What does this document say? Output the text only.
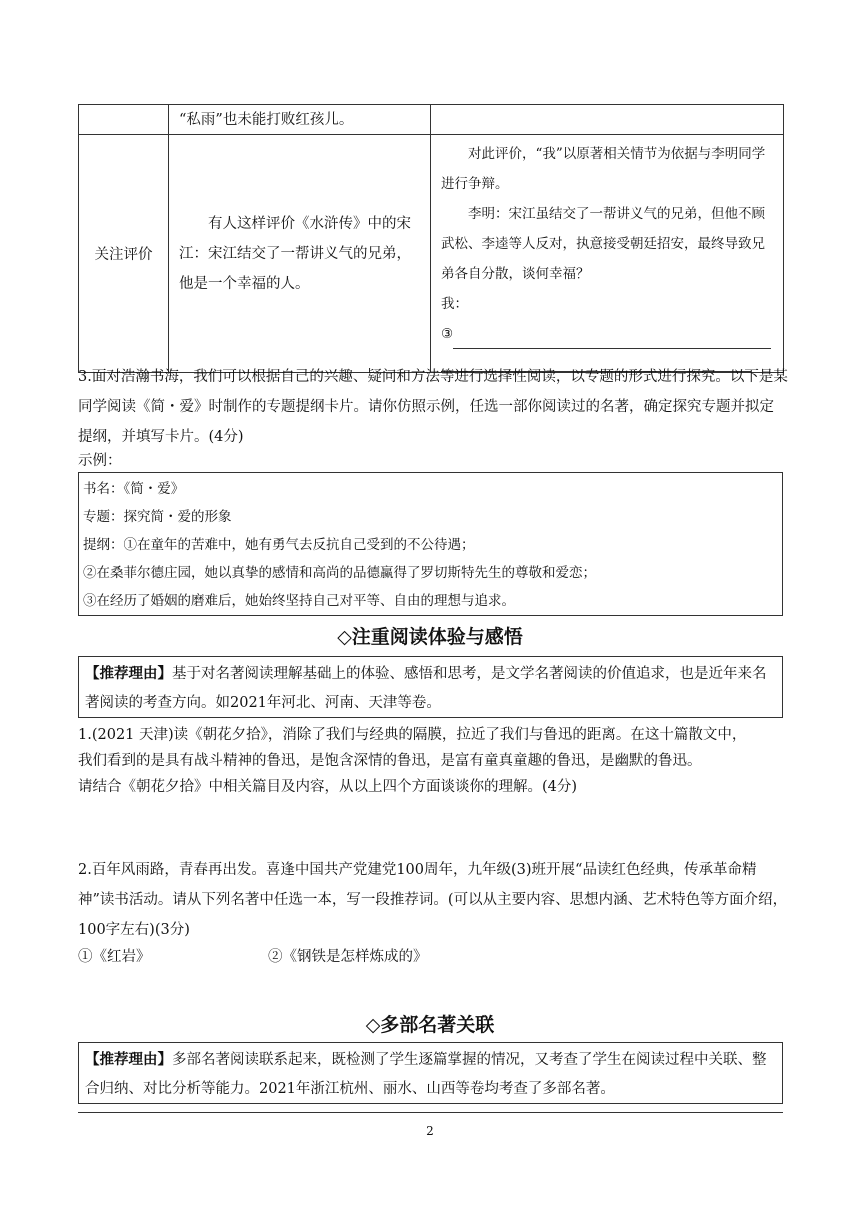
	“私雨”也未能打败红孩儿。	

关注评价	有人这样评价《水浒传》中的宋江：宋江结交了一帮讲义气的兄弟，他是一个幸福的人。	对此评价，“我”以原著相关情节为依据与李明同学进行争辩。
李明：宋江虽结交了一帮讲义气的兄弟，但他不顾武松、李逵等人反对，执意接受朝廷招安，最终导致兄弟各自分散，谈何幸福？
我：
③
3.面对浩瀚书海，我们可以根据自己的兴趣、疑问和方法等进行选择性阅读，以专题的形式进行探究。以下是某同学阅读《简・爱》时制作的专题提纲卡片。请你仿照示例，任选一部你阅读过的名著，确定探究专题并拟定提纲，并填写卡片。(4分)
示例：
书名：《简・爱》
专题：探究简・爱的形象
提纲：①在童年的苦难中，她有勇气去反抗自己受到的不公待遇；
②在桑菲尔德庄园，她以真挚的感情和高尚的品德赢得了罗切斯特先生的尊敬和爱恋；
③在经历了婚姻的磨难后，她始终坚持自己对平等、自由的理想与追求。
◇注重阅读体验与感悟
【推荐理由】基于对名著阅读理解基础上的体验、感悟和思考，是文学名著阅读的价值追求，也是近年来名著阅读的考查方向。如2021年河北、河南、天津等卷。
1.(2021 天津)读《朝花夕拾》，消除了我们与经典的隔膜，拉近了我们与鲁迅的距离。在这十篇散文中，
我们看到的是具有战斗精神的鲁迅，是饱含深情的鲁迅，是富有童真童趣的鲁迅，是幽默的鲁迅。
请结合《朝花夕拾》中相关篇目及内容，从以上四个方面谈谈你的理解。(4分)
2.百年风雨路，青春再出发。喜逢中国共产党建党100周年，九年级(3)班开展“品读红色经典，传承革命精神”读书活动。请从下列名著中任选一本，写一段推荐词。(可以从主要内容、思想内涵、艺术特色等方面介绍，100字左右)(3分)
①《红岩》	②《钢铁是怎样炼成的》
◇多部名著关联
【推荐理由】多部名著阅读联系起来，既检测了学生逐篇掌握的情况，又考查了学生在阅读过程中关联、整合归纳、对比分析等能力。2021年浙江杭州、丽水、山西等卷均考查了多部名著。
2
